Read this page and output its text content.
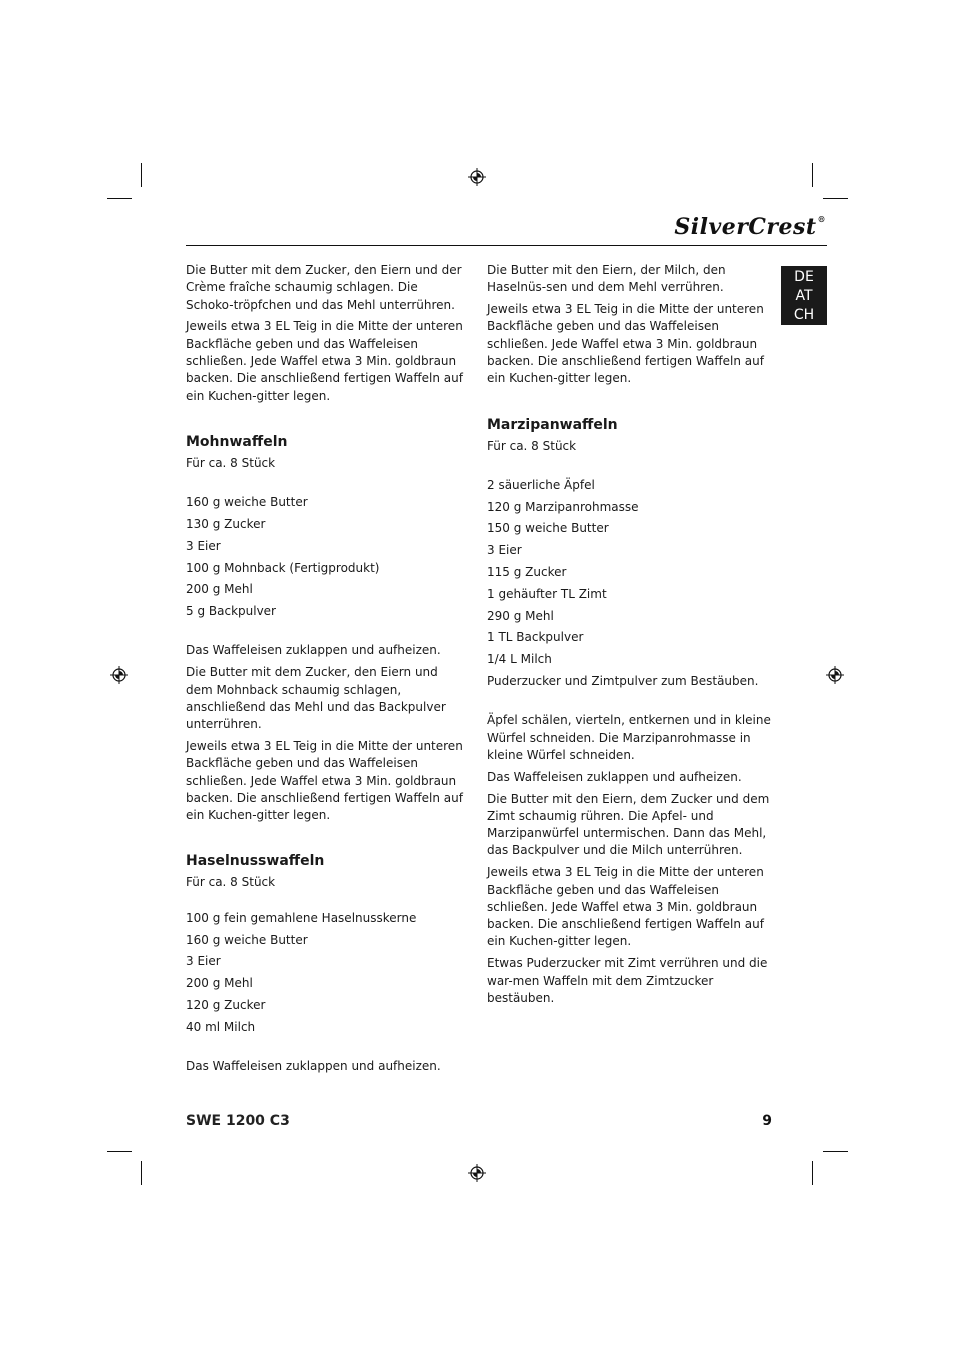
SilverCrest®
DE
AT
CH

Die Butter mit dem Zucker, den Eiern und der Crème fraîche schaumig schlagen. Die Schoko-tröpfchen und das Mehl unterrühren.

Jeweils etwa 3 EL Teig in die Mitte der unteren Backfläche geben und das Waffeleisen schließen. Jede Waffel etwa 3 Min. goldbraun backen. Die anschließend fertigen Waffeln auf ein Kuchen-gitter legen.

Mohnwaffeln

Für ca. 8 Stück

160 g weiche Butter
130 g Zucker
3 Eier
100 g Mohnback (Fertigprodukt)
200 g Mehl
5 g Backpulver

Das Waffeleisen zuklappen und aufheizen.

Die Butter mit dem Zucker, den Eiern und dem Mohnback schaumig schlagen, anschließend das Mehl und das Backpulver unterrühren.

Jeweils etwa 3 EL Teig in die Mitte der unteren Backfläche geben und das Waffeleisen schließen. Jede Waffel etwa 3 Min. goldbraun backen. Die anschließend fertigen Waffeln auf ein Kuchen-gitter legen.

Haselnusswaffeln

Für ca. 8 Stück

100 g fein gemahlene Haselnusskerne
160 g weiche Butter
3 Eier
200 g Mehl
120 g Zucker
40 ml Milch

Das Waffeleisen zuklappen und aufheizen.

Die Butter mit den Eiern, der Milch, den Haselnüs-sen und dem Mehl verrühren.

Jeweils etwa 3 EL Teig in die Mitte der unteren Backfläche geben und das Waffeleisen schließen. Jede Waffel etwa 3 Min. goldbraun backen. Die anschließend fertigen Waffeln auf ein Kuchen-gitter legen.

Marzipanwaffeln

Für ca. 8 Stück

2 säuerliche Äpfel
120 g Marzipanrohmasse
150 g weiche Butter
3 Eier
115 g Zucker
1 gehäufter TL Zimt
290 g Mehl
1 TL Backpulver
1/4 L Milch
Puderzucker und Zimtpulver zum Bestäuben.

Äpfel schälen, vierteln, entkernen und in kleine Würfel schneiden. Die Marzipanrohmasse in kleine Würfel schneiden.

Das Waffeleisen zuklappen und aufheizen.

Die Butter mit den Eiern, dem Zucker und dem Zimt schaumig rühren. Die Apfel- und Marzipanwürfel untermischen. Dann das Mehl, das Backpulver und die Milch unterrühren.

Jeweils etwa 3 EL Teig in die Mitte der unteren Backfläche geben und das Waffeleisen schließen. Jede Waffel etwa 3 Min. goldbraun backen. Die anschließend fertigen Waffeln auf ein Kuchen-gitter legen.

Etwas Puderzucker mit Zimt verrühren und die war-men Waffeln mit dem Zimtzucker bestäuben.

SWE 1200 C3	9
